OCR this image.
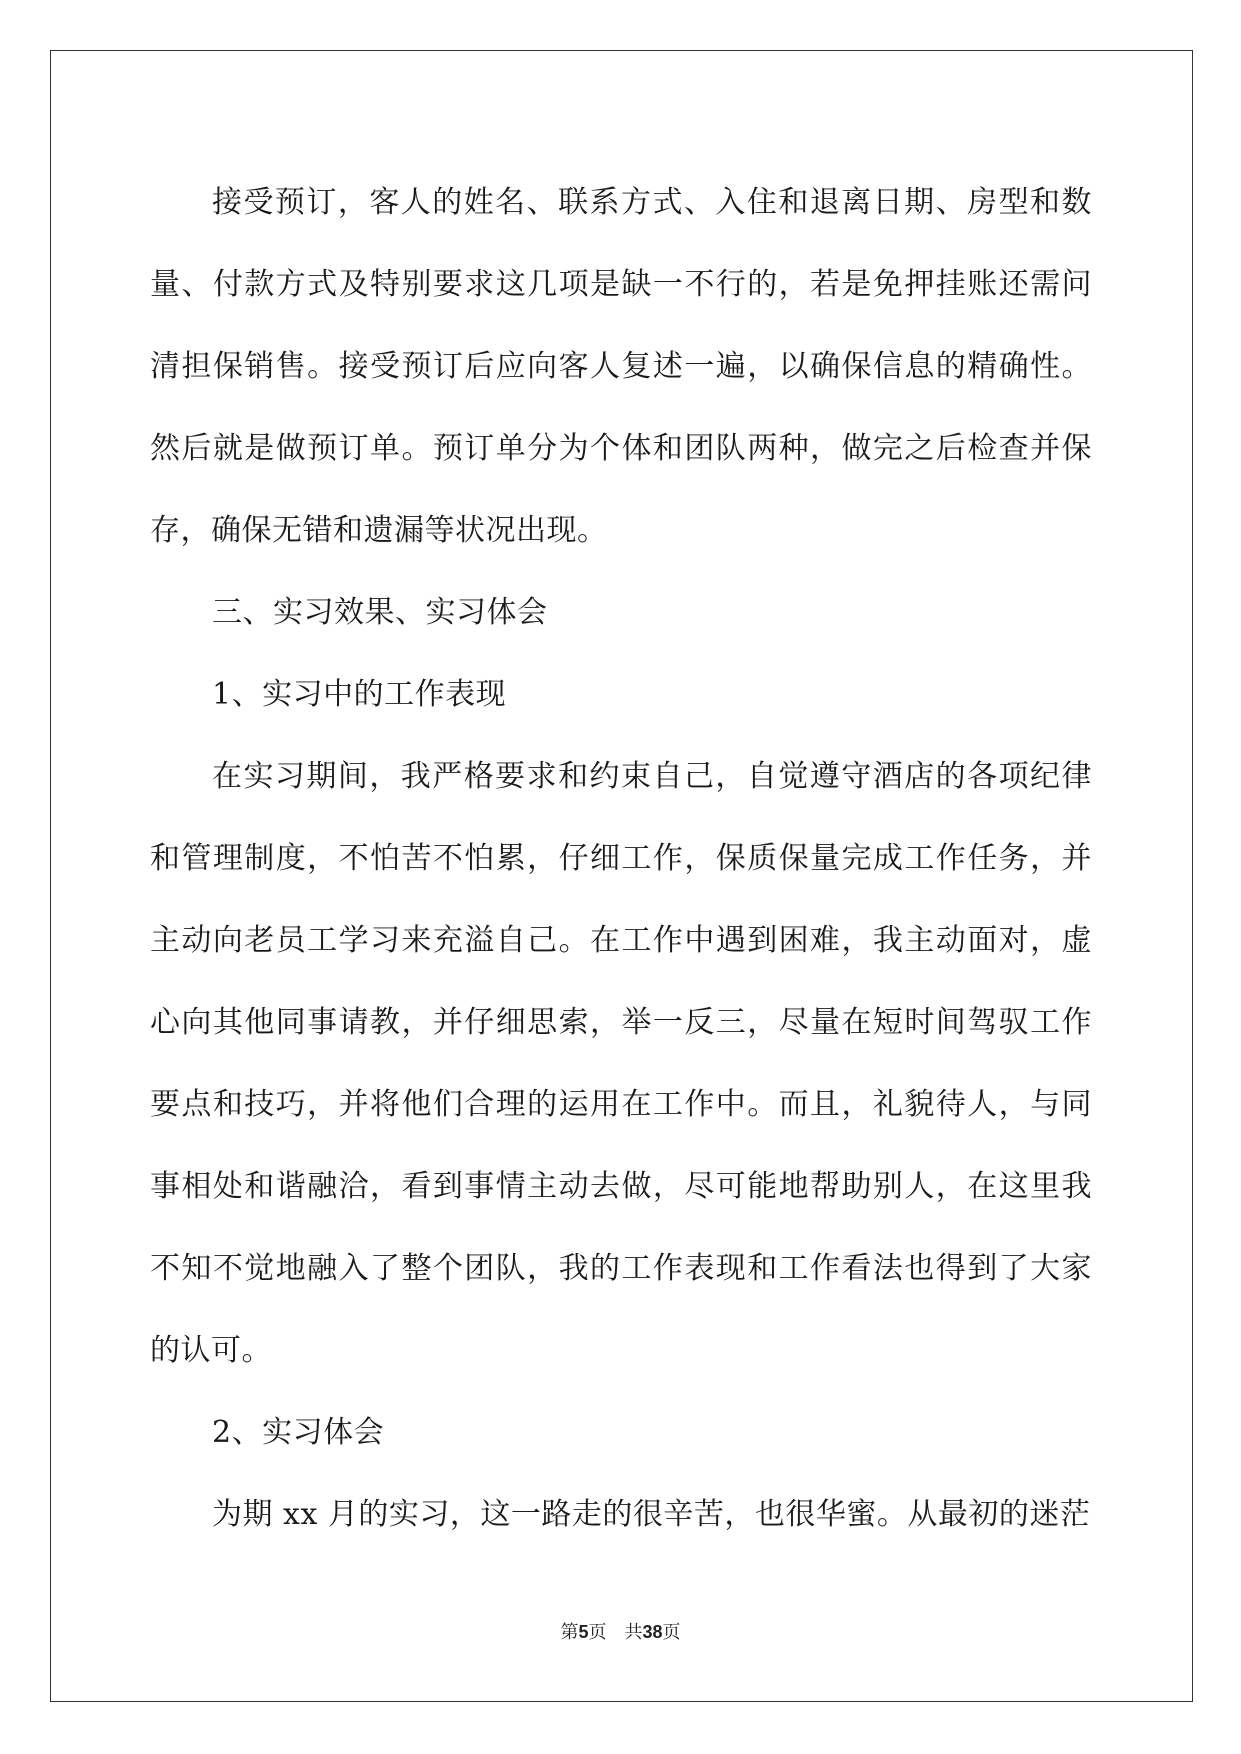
接受预订，客人的姓名、联系方式、入住和退离日期、房型和数量、付款方式及特别要求这几项是缺一不行的，若是免押挂账还需问清担保销售。接受预订后应向客人复述一遍，以确保信息的精确性。然后就是做预订单。预订单分为个体和团队两种，做完之后检查并保存，确保无错和遗漏等状况出现。

三、实习效果、实习体会

1、实习中的工作表现

在实习期间，我严格要求和约束自己，自觉遵守酒店的各项纪律和管理制度，不怕苦不怕累，仔细工作，保质保量完成工作任务，并主动向老员工学习来充溢自己。在工作中遇到困难，我主动面对，虚心向其他同事请教，并仔细思索，举一反三，尽量在短时间驾驭工作要点和技巧，并将他们合理的运用在工作中。而且，礼貌待人，与同事相处和谐融洽，看到事情主动去做，尽可能地帮助别人，在这里我不知不觉地融入了整个团队，我的工作表现和工作看法也得到了大家的认可。

2、实习体会

为期 xx 月的实习，这一路走的很辛苦，也很华蜜。从最初的迷茫

第5页 共38页
